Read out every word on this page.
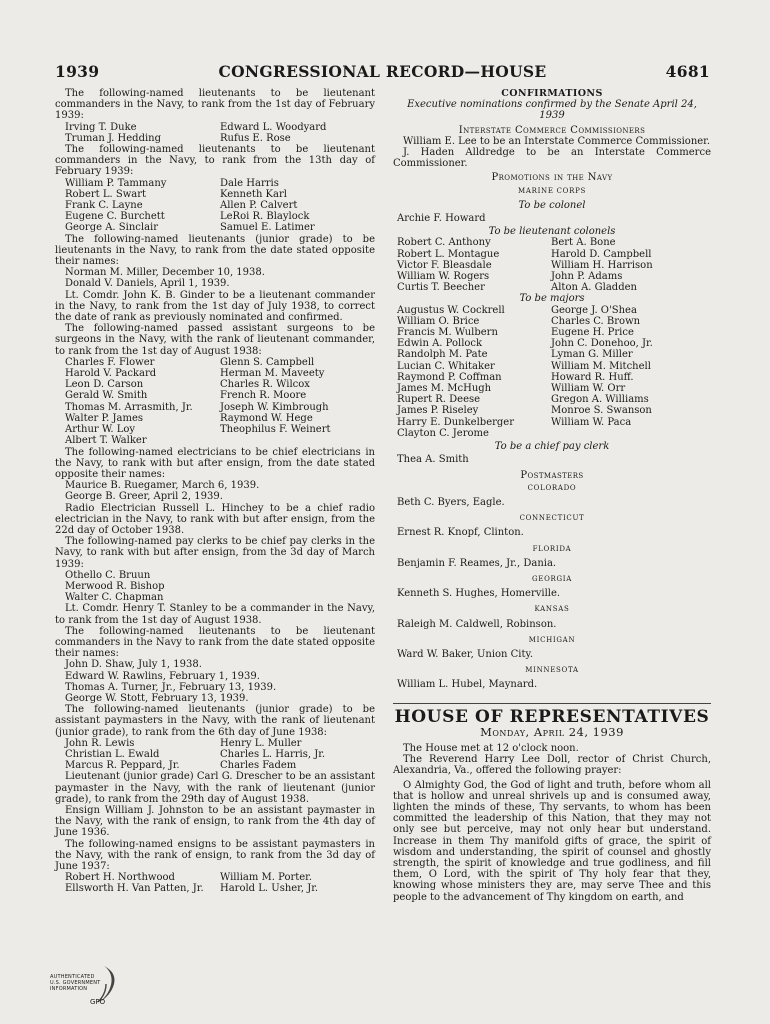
1939	CONGRESSIONAL RECORD—HOUSE	4681

The following-named lieutenants to be lieutenant commanders in the Navy, to rank from the 1st day of February 1939:

Irving T. Duke	Edward L. Woodyard
Truman J. Hedding	Rufus E. Rose

The following-named lieutenants to be lieutenant commanders in the Navy, to rank from the 13th day of February 1939:

William P. Tammany	Dale Harris
Robert L. Swart	Kenneth Karl
Frank C. Layne	Allen P. Calvert
Eugene C. Burchett	LeRoi R. Blaylock
George A. Sinclair	Samuel E. Latimer

The following-named lieutenants (junior grade) to be lieutenants in the Navy, to rank from the date stated opposite their names:

Norman M. Miller, December 10, 1938.
Donald V. Daniels, April 1, 1939.

Lt. Comdr. John K. B. Ginder to be a lieutenant commander in the Navy, to rank from the 1st day of July 1938, to correct the date of rank as previously nominated and confirmed.

The following-named passed assistant surgeons to be surgeons in the Navy, with the rank of lieutenant commander, to rank from the 1st day of August 1938:

Charles F. Flower	Glenn S. Campbell
Harold V. Packard	Herman M. Maveety
Leon D. Carson	Charles R. Wilcox
Gerald W. Smith	French R. Moore
Thomas M. Arrasmith, Jr.	Joseph W. Kimbrough
Walter P. James	Raymond W. Hege
Arthur W. Loy	Theophilus F. Weinert
Albert T. Walker

The following-named electricians to be chief electricians in the Navy, to rank with but after ensign, from the date stated opposite their names:

Maurice B. Ruegamer, March 6, 1939.
George B. Greer, April 2, 1939.

Radio Electrician Russell L. Hinchey to be a chief radio electrician in the Navy, to rank with but after ensign, from the 22d day of October 1938.

The following-named pay clerks to be chief pay clerks in the Navy, to rank with but after ensign, from the 3d day of March 1939:

Othello C. Bruun
Merwood R. Bishop
Walter C. Chapman

Lt. Comdr. Henry T. Stanley to be a commander in the Navy, to rank from the 1st day of August 1938.

The following-named lieutenants to be lieutenant commanders in the Navy to rank from the date stated opposite their names:

John D. Shaw, July 1, 1938.
Edward W. Rawlins, February 1, 1939.
Thomas A. Turner, Jr., February 13, 1939.
George W. Stott, February 13, 1939.

The following-named lieutenants (junior grade) to be assistant paymasters in the Navy, with the rank of lieutenant (junior grade), to rank from the 6th day of June 1938:

John R. Lewis	Henry L. Muller
Christian L. Ewald	Charles L. Harris, Jr.
Marcus R. Peppard, Jr.	Charles Fadem

Lieutenant (junior grade) Carl G. Drescher to be an assistant paymaster in the Navy, with the rank of lieutenant (junior grade), to rank from the 29th day of August 1938.

Ensign William J. Johnston to be an assistant paymaster in the Navy, with the rank of ensign, to rank from the 4th day of June 1936.

The following-named ensigns to be assistant paymasters in the Navy, with the rank of ensign, to rank from the 3d day of June 1937:

Robert H. Northwood	William M. Porter.
Ellsworth H. Van Patten, Jr.	Harold L. Usher, Jr.
CONFIRMATIONS
Executive nominations confirmed by the Senate April 24,
1939
Interstate Commerce Commissioners

William E. Lee to be an Interstate Commerce Commissioner.

J. Haden Alldredge to be an Interstate Commerce Commissioner.

Promotions in the Navy
MARINE CORPS
To be colonel
Archie F. Howard
To be lieutenant colonels
Robert C. Anthony	Bert A. Bone
Robert L. Montague	Harold D. Campbell
Victor F. Bleasdale	William H. Harrison
William W. Rogers	John P. Adams
Curtis T. Beecher	Alton A. Gladden
To be majors
Augustus W. Cockrell	George J. O'Shea
William O. Brice	Charles C. Brown
Francis M. Wulbern	Eugene H. Price
Edwin A. Pollock	John C. Donehoo, Jr.
Randolph M. Pate	Lyman G. Miller
Lucian C. Whitaker	William M. Mitchell
Raymond P. Coffman	Howard R. Huff.
James M. McHugh	William W. Orr
Rupert R. Deese	Gregon A. Williams
James P. Riseley	Monroe S. Swanson
Harry E. Dunkelberger	William W. Paca
Clayton C. Jerome
To be a chief pay clerk
Thea A. Smith
Postmasters
COLORADO
Beth C. Byers, Eagle.
CONNECTICUT
Ernest R. Knopf, Clinton.
FLORIDA
Benjamin F. Reames, Jr., Dania.
GEORGIA
Kenneth S. Hughes, Homerville.
KANSAS
Raleigh M. Caldwell, Robinson.
MICHIGAN
Ward W. Baker, Union City.
MINNESOTA
William L. Hubel, Maynard.
HOUSE OF REPRESENTATIVES
Monday, April 24, 1939

The House met at 12 o'clock noon.

The Reverend Harry Lee Doll, rector of Christ Church, Alexandria, Va., offered the following prayer:

O Almighty God, the God of light and truth, before whom all that is hollow and unreal shrivels up and is consumed away, lighten the minds of these, Thy servants, to whom has been committed the leadership of this Nation, that they may not only see but perceive, may not only hear but understand. Increase in them Thy manifold gifts of grace, the spirit of wisdom and understanding, the spirit of counsel and ghostly strength, the spirit of knowledge and true godliness, and fill them, O Lord, with the spirit of Thy holy fear that they, knowing whose ministers they are, may serve Thee and this people to the advancement of Thy kingdom on earth, and

AUTHENTICATED
U.S. GOVERNMENT
INFORMATION
GPO
